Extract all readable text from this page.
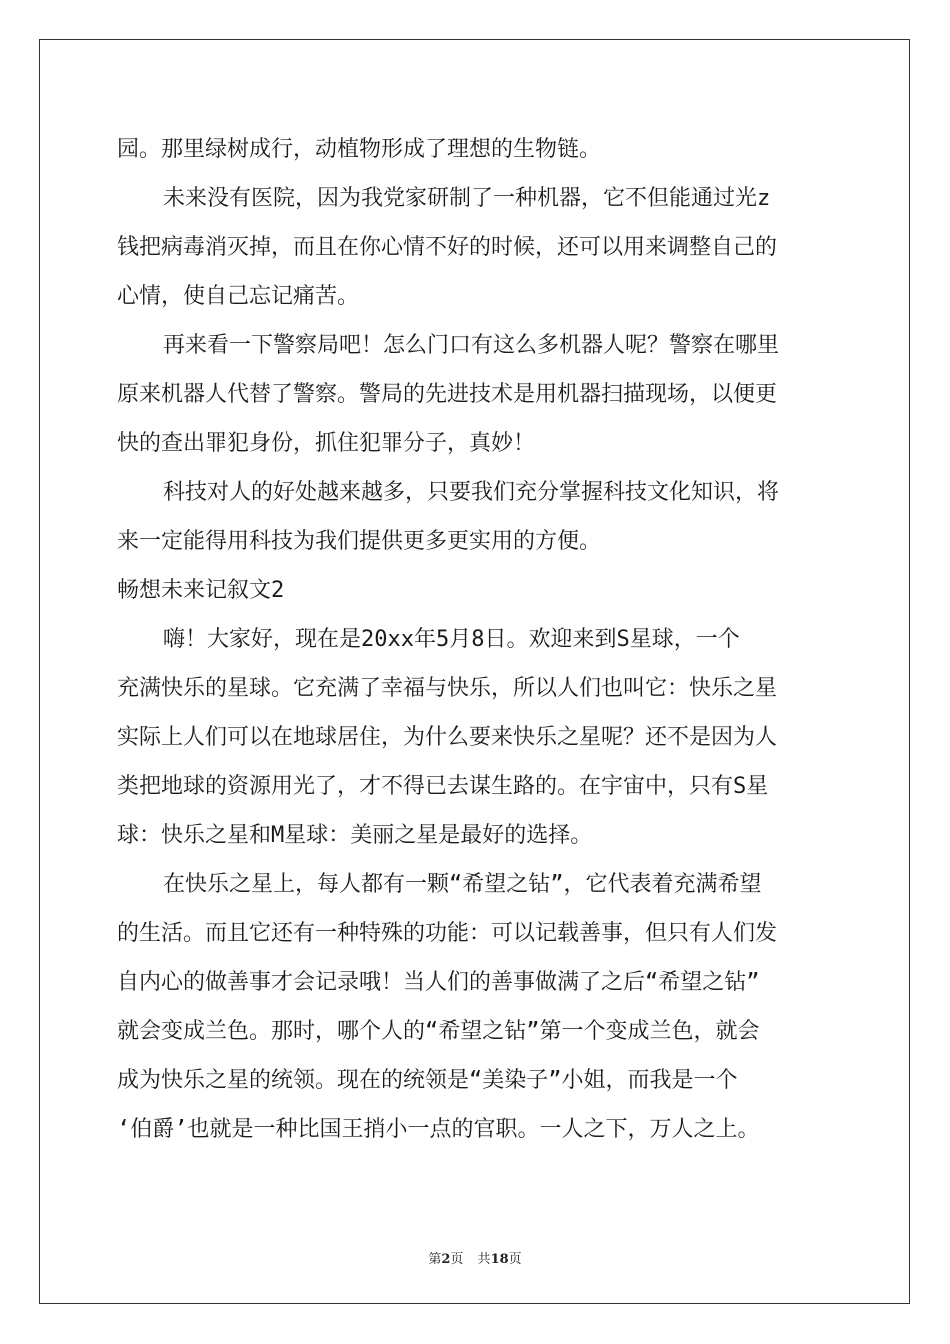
园。那里绿树成行，动植物形成了理想的生物链。
未来没有医院，因为我党家研制了一种机器，它不但能通过光z
钱把病毒消灭掉，而且在你心情不好的时候，还可以用来调整自己的
心情，使自己忘记痛苦。
再来看一下警察局吧！怎么门口有这么多机器人呢？警察在哪里
原来机器人代替了警察。警局的先进技术是用机器扫描现场，以便更
快的查出罪犯身份，抓住犯罪分子，真妙！
科技对人的好处越来越多，只要我们充分掌握科技文化知识，将
来一定能得用科技为我们提供更多更实用的方便。
畅想未来记叙文2
嗨！大家好，现在是20xx年5月8日。欢迎来到S星球，一个
充满快乐的星球。它充满了幸福与快乐，所以人们也叫它：快乐之星
实际上人们可以在地球居住，为什么要来快乐之星呢？还不是因为人
类把地球的资源用光了，才不得已去谋生路的。在宇宙中，只有S星
球：快乐之星和M星球：美丽之星是最好的选择。
在快乐之星上，每人都有一颗“希望之钻”，它代表着充满希望
的生活。而且它还有一种特殊的功能：可以记载善事，但只有人们发
自内心的做善事才会记录哦！当人们的善事做满了之后“希望之钻”
就会变成兰色。那时，哪个人的“希望之钻”第一个变成兰色，就会
成为快乐之星的统领。现在的统领是“美染子”小姐，而我是一个
‘伯爵’也就是一种比国王捎小一点的官职。一人之下，万人之上。
第2页 共18页
